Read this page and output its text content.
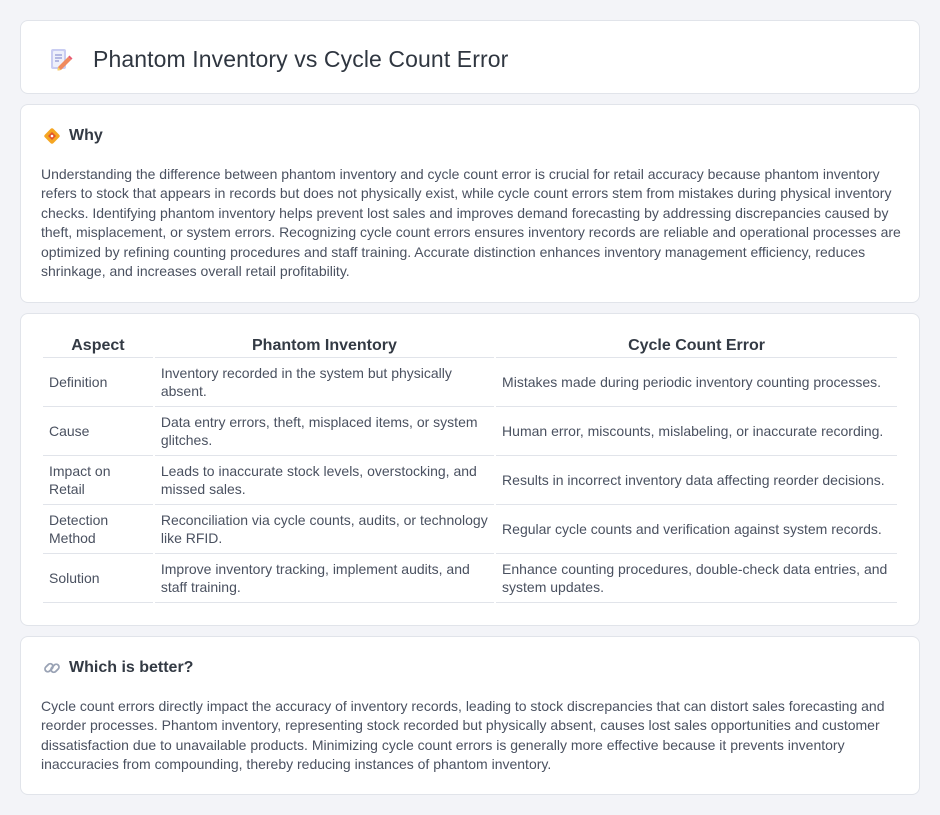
Phantom Inventory vs Cycle Count Error
Why

Understanding the difference between phantom inventory and cycle count error is crucial for retail accuracy because phantom inventory refers to stock that appears in records but does not physically exist, while cycle count errors stem from mistakes during physical inventory checks. Identifying phantom inventory helps prevent lost sales and improves demand forecasting by addressing discrepancies caused by theft, misplacement, or system errors. Recognizing cycle count errors ensures inventory records are reliable and operational processes are optimized by refining counting procedures and staff training. Accurate distinction enhances inventory management efficiency, reduces shrinkage, and increases overall retail profitability.

Aspect	Phantom Inventory	Cycle Count Error
Definition	Inventory recorded in the system but physically absent.	Mistakes made during periodic inventory counting processes.
Cause	Data entry errors, theft, misplaced items, or system glitches.	Human error, miscounts, mislabeling, or inaccurate recording.
Impact on Retail	Leads to inaccurate stock levels, overstocking, and missed sales.	Results in incorrect inventory data affecting reorder decisions.
Detection Method	Reconciliation via cycle counts, audits, or technology like RFID.	Regular cycle counts and verification against system records.
Solution	Improve inventory tracking, implement audits, and staff training.	Enhance counting procedures, double-check data entries, and system updates.
Which is better?

Cycle count errors directly impact the accuracy of inventory records, leading to stock discrepancies that can distort sales forecasting and reorder processes. Phantom inventory, representing stock recorded but physically absent, causes lost sales opportunities and customer dissatisfaction due to unavailable products. Minimizing cycle count errors is generally more effective because it prevents inventory inaccuracies from compounding, thereby reducing instances of phantom inventory.
